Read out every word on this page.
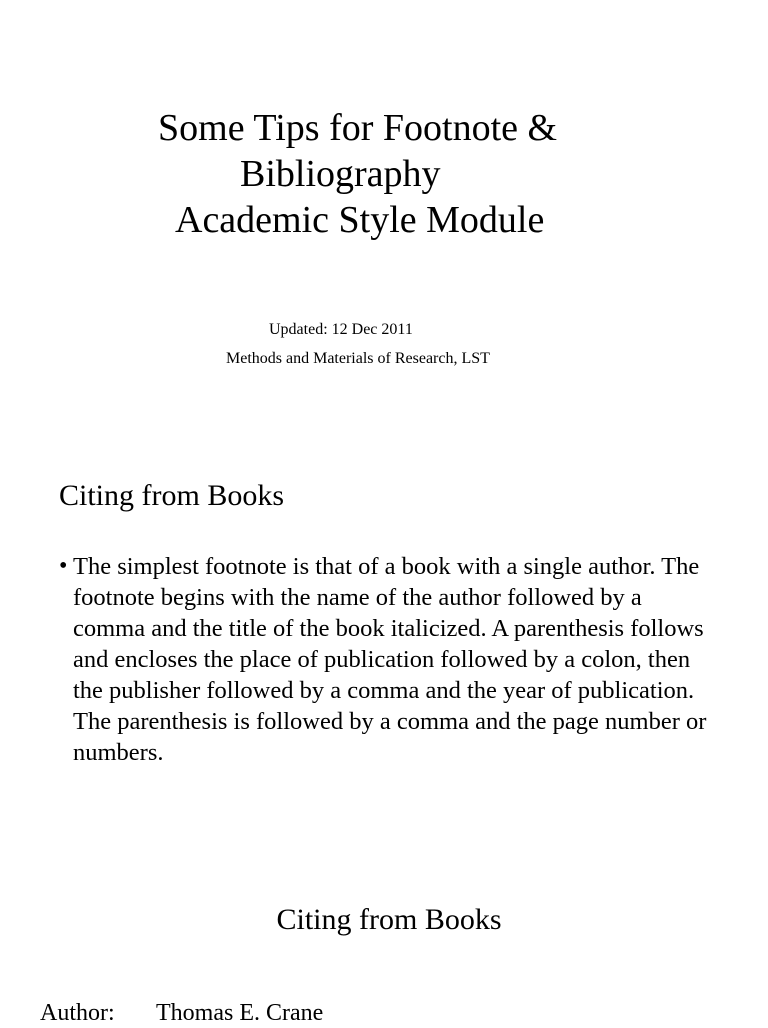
Some Tips for Footnote &
Bibliography
Academic Style Module
Updated: 12 Dec 2011
Methods and Materials of Research, LST
Citing from Books
• The simplest footnote is that of a book with a single author. The footnote begins with the name of the author followed by a comma and the title of the book italicized. A parenthesis follows and encloses the place of publication followed by a colon, then the publisher followed by a comma and the year of publication. The parenthesis is followed by a comma and the page number or numbers.
Citing from Books
Author: Thomas E. Crane
